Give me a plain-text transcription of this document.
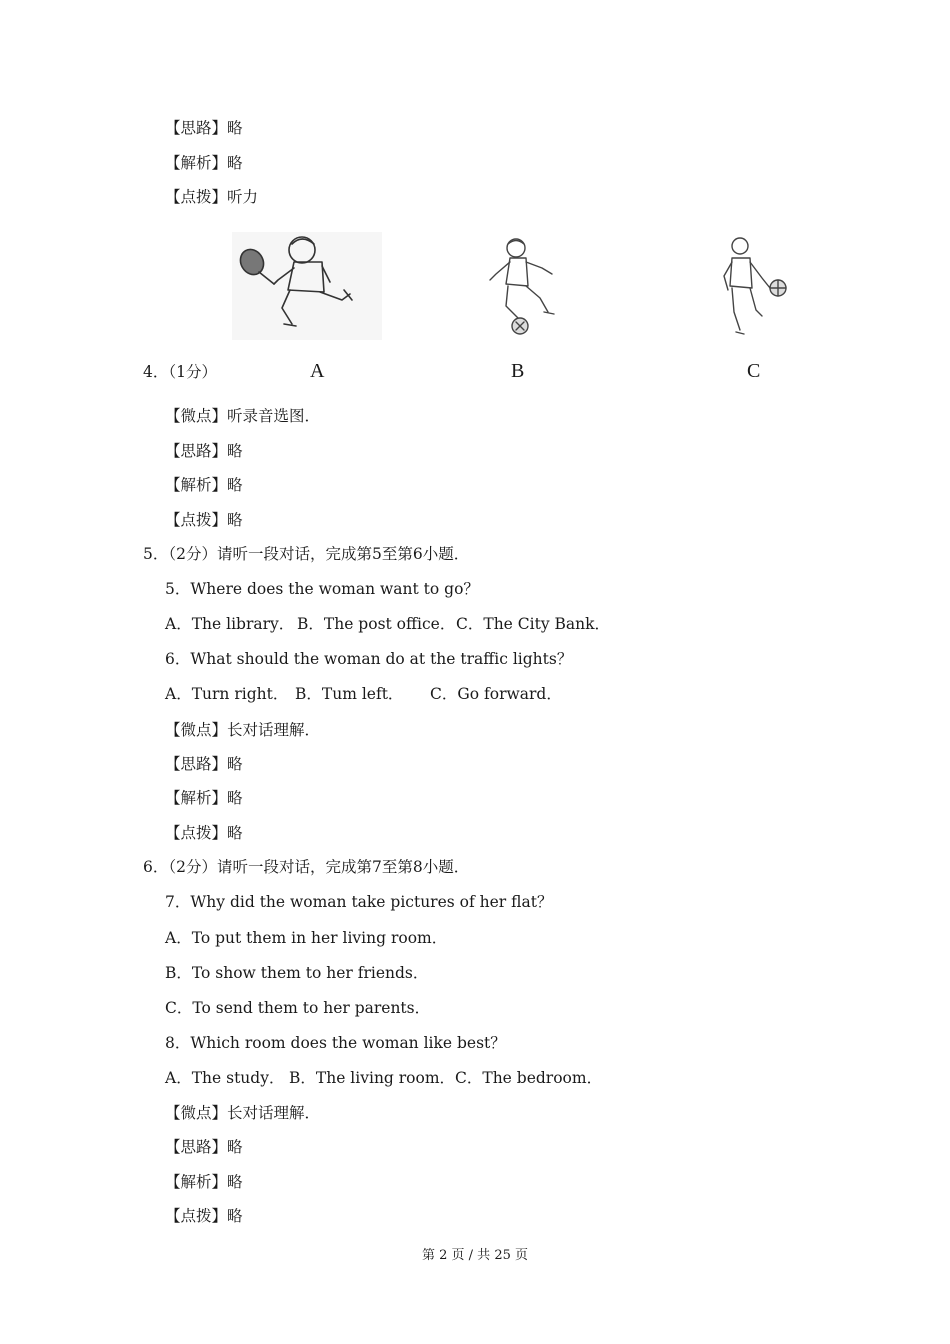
【思路】略
【解析】略
【点拨】听力
4．（1分）	A	B	C
【微点】听录音选图．
【思路】略
【解析】略
【点拨】略
5．（2分）请听一段对话，完成第5至第6小题．
5．Where does the woman want to go？
A．The library． B．The post office． C．The City Bank．
6．What should the woman do at the traffic lights？
A．Turn right． B．Tum left． C．Go forward．
【微点】长对话理解．
【思路】略
【解析】略
【点拨】略
6．（2分）请听一段对话，完成第7至第8小题．
7．Why did the woman take pictures of her flat？
A．To put them in her living room．
B．To show them to her friends．
C．To send them to her parents．
8．Which room does the woman like best？
A．The study． B．The living room． C．The bedroom．
【微点】长对话理解．
【思路】略
【解析】略
【点拨】略
第 2 页 / 共 25 页
